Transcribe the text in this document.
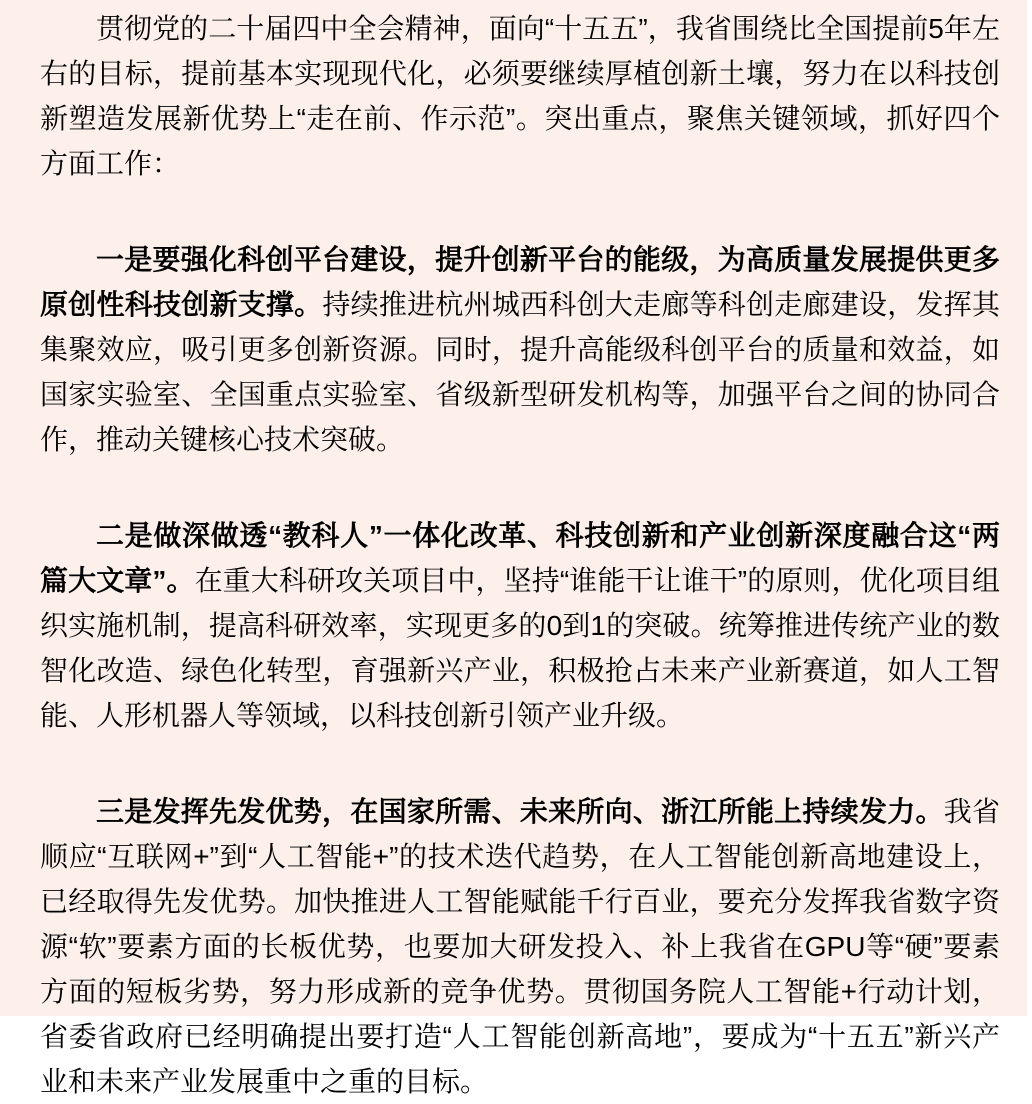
贯彻党的二十届四中全会精神，面向“十五五”，我省围绕比全国提前5年左右的目标，提前基本实现现代化，必须要继续厚植创新土壤，努力在以科技创新塑造发展新优势上“走在前、作示范”。突出重点，聚焦关键领域，抓好四个方面工作：

一是要强化科创平台建设，提升创新平台的能级，为高质量发展提供更多原创性科技创新支撑。持续推进杭州城西科创大走廊等科创走廊建设，发挥其集聚效应，吸引更多创新资源。同时，提升高能级科创平台的质量和效益，如国家实验室、全国重点实验室、省级新型研发机构等，加强平台之间的协同合作，推动关键核心技术突破。

二是做深做透“教科人”一体化改革、科技创新和产业创新深度融合这“两篇大文章”。在重大科研攻关项目中，坚持“谁能干让谁干”的原则，优化项目组织实施机制，提高科研效率，实现更多的0到1的突破。统筹推进传统产业的数智化改造、绿色化转型，育强新兴产业，积极抢占未来产业新赛道，如人工智能、人形机器人等领域，以科技创新引领产业升级。

三是发挥先发优势，在国家所需、未来所向、浙江所能上持续发力。我省顺应“互联网+”到“人工智能+”的技术迭代趋势，在人工智能创新高地建设上，已经取得先发优势。加快推进人工智能赋能千行百业，要充分发挥我省数字资源“软”要素方面的长板优势，也要加大研发投入、补上我省在GPU等“硬”要素方面的短板劣势，努力形成新的竞争优势。贯彻国务院人工智能+行动计划，省委省政府已经明确提出要打造“人工智能创新高地”，要成为“十五五”新兴产业和未来产业发展重中之重的目标。
